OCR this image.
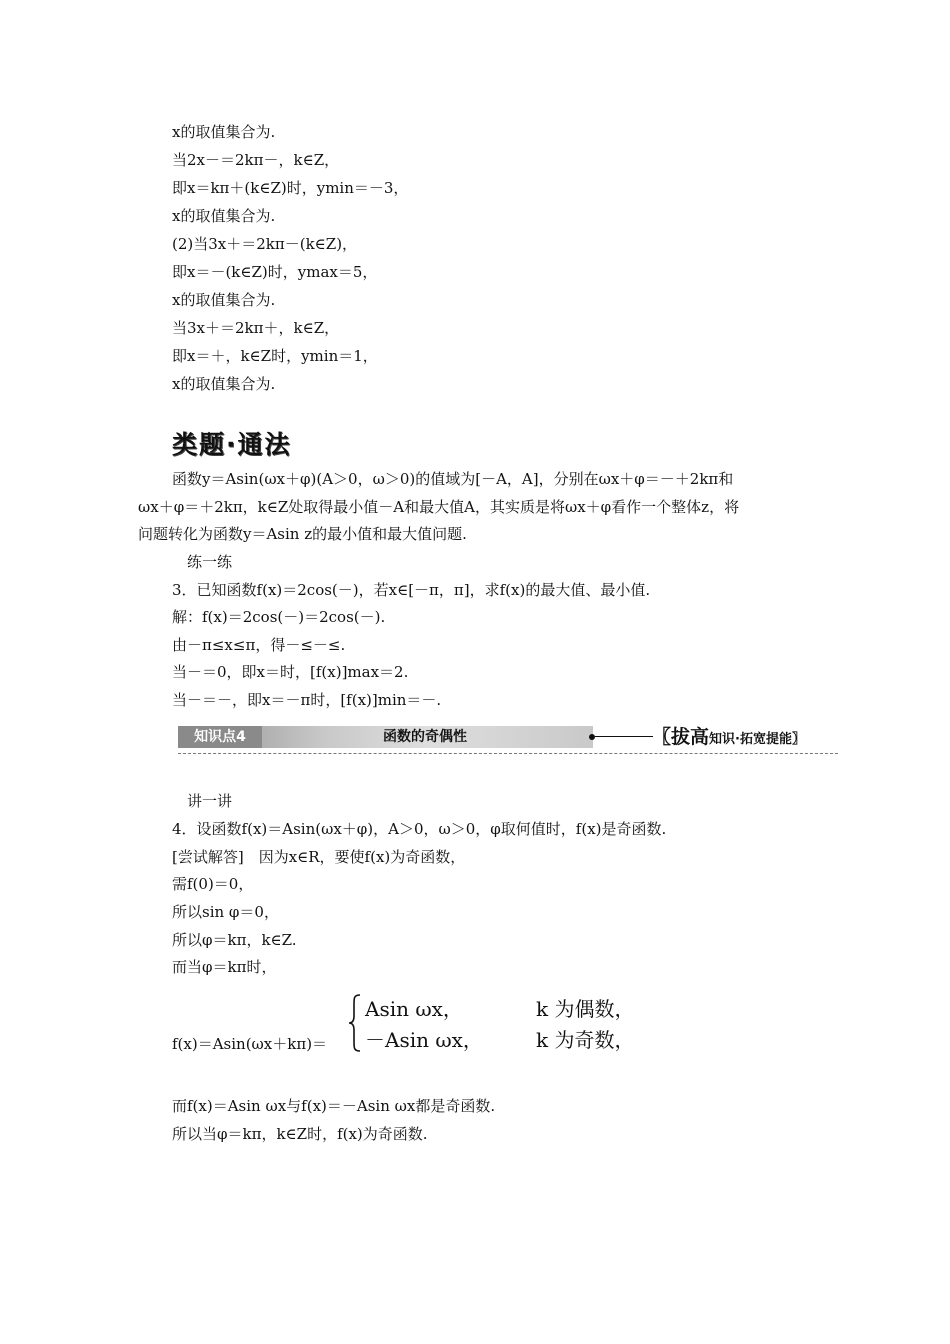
x的取值集合为.
当2x－＝2kπ－，k∈Z，
即x＝kπ＋(k∈Z)时，ymin＝－3，
x的取值集合为.
(2)当3x＋＝2kπ－(k∈Z)，
即x＝－(k∈Z)时，ymax＝5，
x的取值集合为.
当3x＋＝2kπ＋，k∈Z，
即x＝＋，k∈Z时，ymin＝1，
x的取值集合为.
类题·通法
函数y＝Asin(ωx＋φ)(A＞0，ω＞0)的值域为[－A，A]，分别在ωx＋φ＝－＋2kπ和
ωx＋φ＝＋2kπ，k∈Z处取得最小值－A和最大值A，其实质是将ωx＋φ看作一个整体z，将
问题转化为函数y＝Asin z的最小值和最大值问题.
练一练
3．已知函数f(x)＝2cos(－)，若x∈[－π，π]，求f(x)的最大值、最小值.
解：f(x)＝2cos(－)＝2cos(－).
由－π≤x≤π，得－≤－≤.
当－＝0，即x＝时，[f(x)]max＝2.
当－＝－，即x＝－π时，[f(x)]min＝－.
知识点4	函数的奇偶性	〖拔高知识·拓宽提能〗
讲一讲
4．设函数f(x)＝Asin(ωx＋φ)，A＞0，ω＞0，φ取何值时，f(x)是奇函数.
[尝试解答]　因为x∈R，要使f(x)为奇函数，
需f(0)＝0，
所以sin φ＝0，
所以φ＝kπ，k∈Z.
而当φ＝kπ时，
f(x)＝Asin(ωx＋kπ)＝
Asin ωx，	k 为偶数，
－Asin ωx，	k 为奇数，
而f(x)＝Asin ωx与f(x)＝－Asin ωx都是奇函数.
所以当φ＝kπ，k∈Z时，f(x)为奇函数.
